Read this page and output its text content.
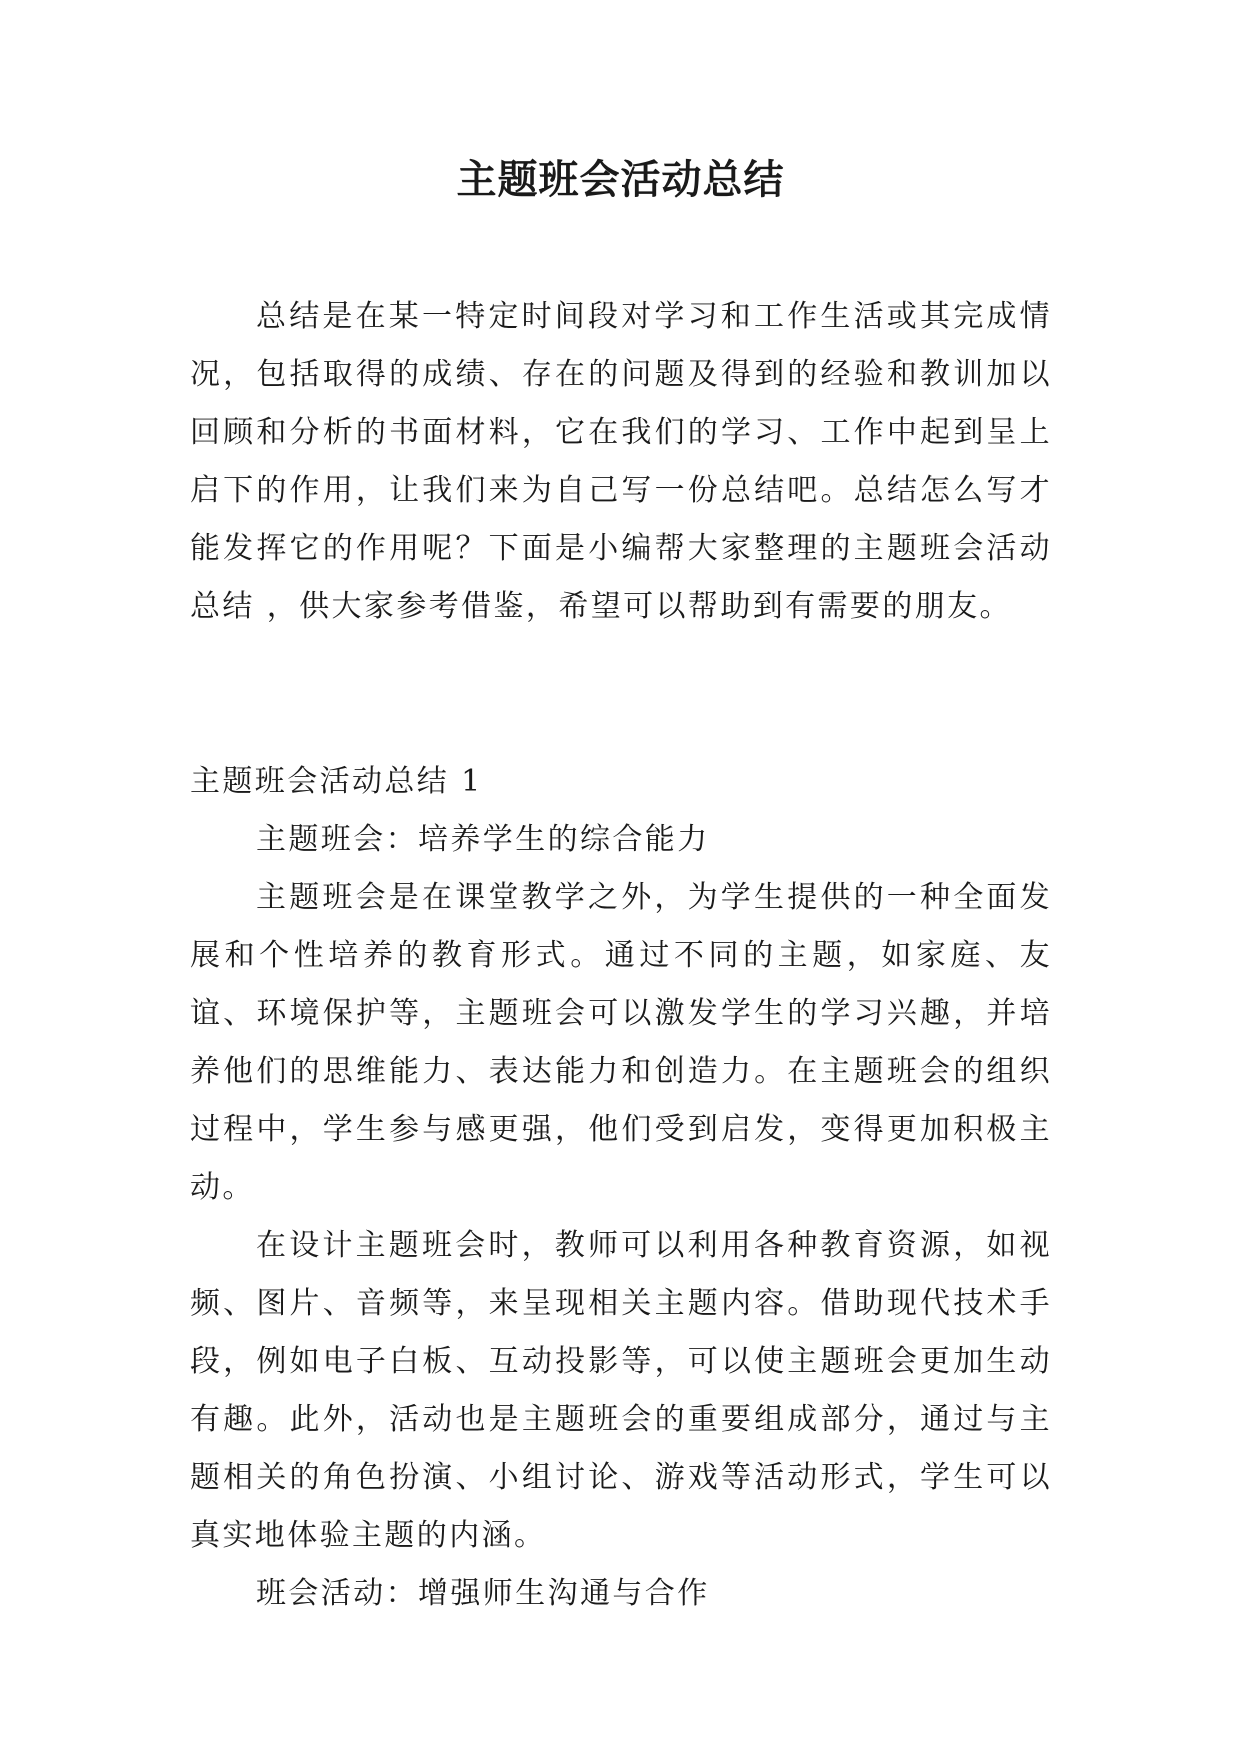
主题班会活动总结

总结是在某一特定时间段对学习和工作生活或其完成情况，包括取得的成绩、存在的问题及得到的经验和教训加以回顾和分析的书面材料，它在我们的学习、工作中起到呈上启下的作用，让我们来为自己写一份总结吧。总结怎么写才能发挥它的作用呢？下面是小编帮大家整理的主题班会活动总结 ，供大家参考借鉴，希望可以帮助到有需要的朋友。

主题班会活动总结 1

主题班会：培养学生的综合能力

主题班会是在课堂教学之外，为学生提供的一种全面发展和个性培养的教育形式。通过不同的主题，如家庭、友谊、环境保护等，主题班会可以激发学生的学习兴趣，并培养他们的思维能力、表达能力和创造力。在主题班会的组织过程中，学生参与感更强，他们受到启发，变得更加积极主动。

在设计主题班会时，教师可以利用各种教育资源，如视频、图片、音频等，来呈现相关主题内容。借助现代技术手段，例如电子白板、互动投影等，可以使主题班会更加生动有趣。此外，活动也是主题班会的重要组成部分，通过与主题相关的角色扮演、小组讨论、游戏等活动形式，学生可以真实地体验主题的内涵。

班会活动：增强师生沟通与合作
